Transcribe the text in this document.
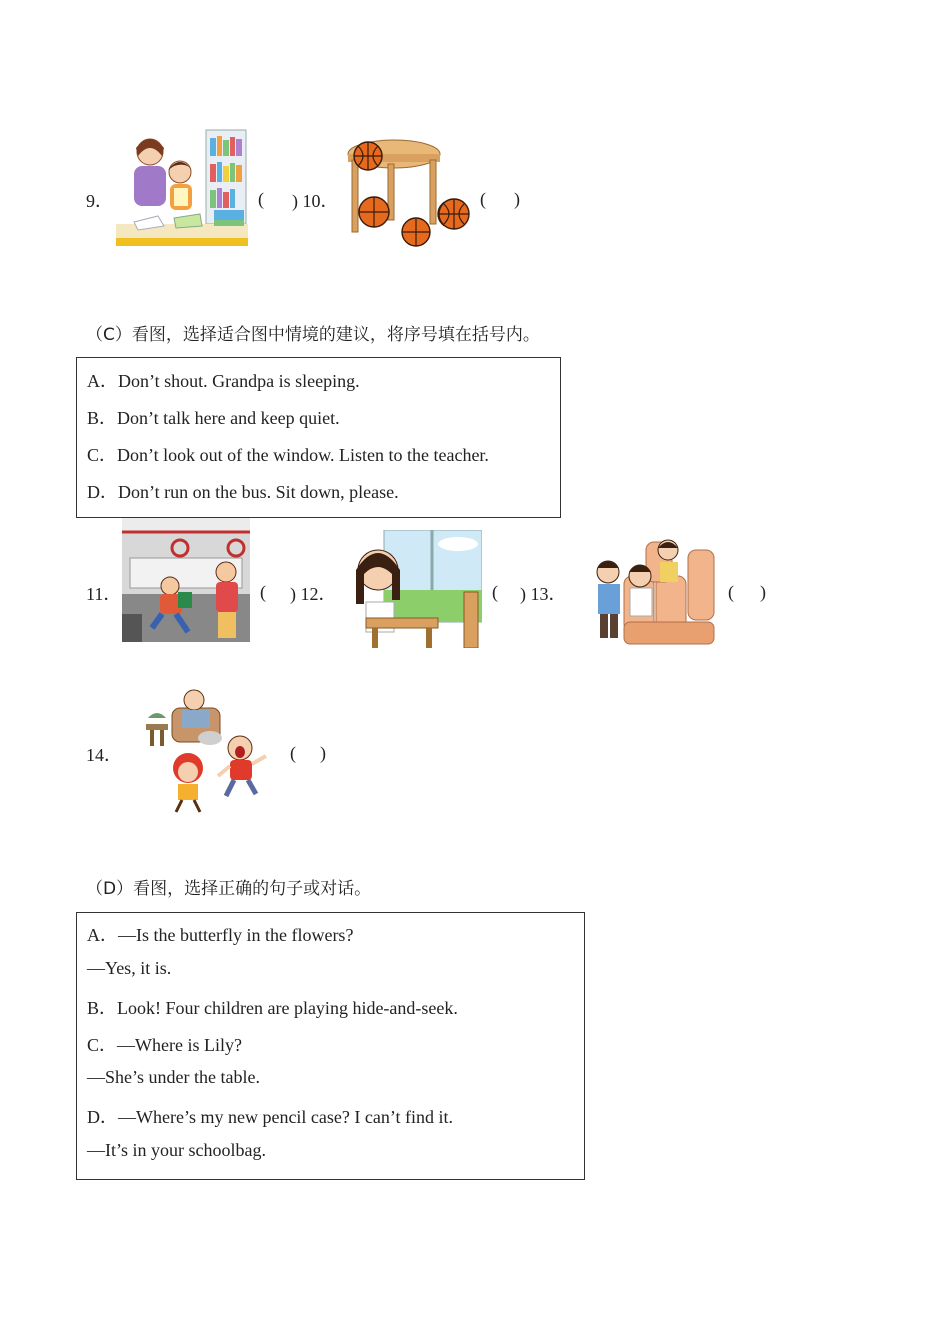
9．	( ) 10．	( )
（C）看图，选择适合图中情境的建议，将序号填在括号内。
A．Don’t shout. Grandpa is sleeping.
B．Don’t talk here and keep quiet.
C．Don’t look out of the window. Listen to the teacher.
D．Don’t run on the bus. Sit down, please.
11．	( ) 12．	( ) 13．	( )
14．	( )
（D）看图，选择正确的句子或对话。
A．—Is the butterfly in the flowers?
—Yes, it is.
B．Look! Four children are playing hide-and-seek.
C．—Where is Lily?
—She’s under the table.
D．—Where’s my new pencil case? I can’t find it.
—It’s in your schoolbag.
